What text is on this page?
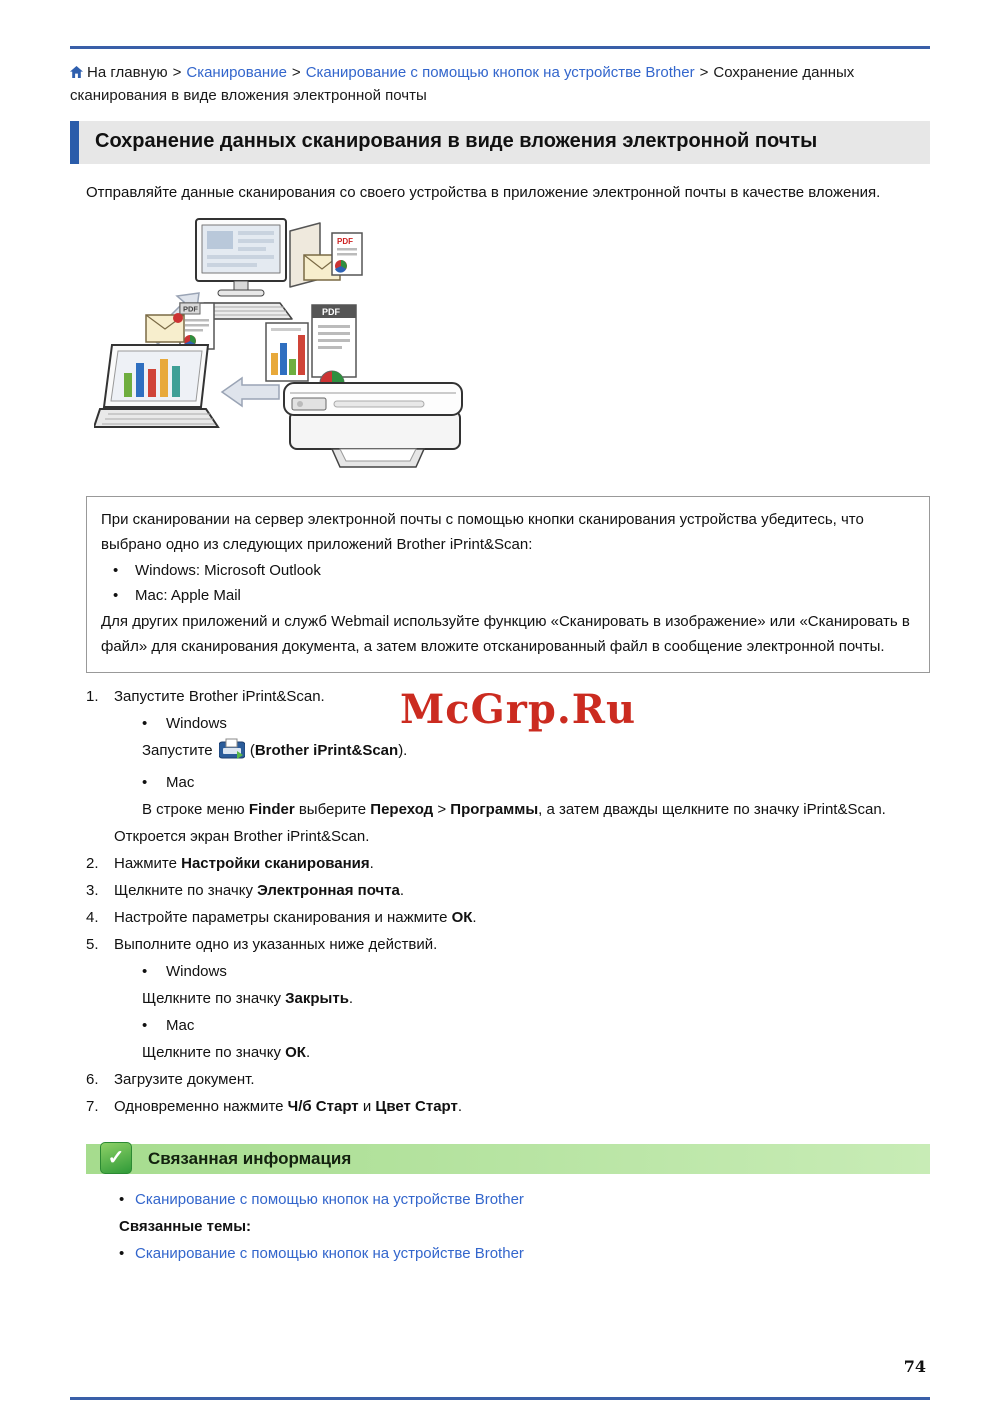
На главную > Сканирование > Сканирование с помощью кнопок на устройстве Brother > Сохранение данных сканирования в виде вложения электронной почты

Сохранение данных сканирования в виде вложения электронной почты

Отправляйте данные сканирования со своего устройства в приложение электронной почты в качестве вложения.

PDF
PDF	PDF

При сканировании на сервер электронной почты с помощью кнопки сканирования устройства убедитесь, что выбрано одно из следующих приложений Brother iPrint&Scan:

•	Windows: Microsoft Outlook
•	Mac: Apple Mail

Для других приложений и служб Webmail используйте функцию «Сканировать в изображение» или «Сканировать в файл» для сканирования документа, а затем вложите отсканированный файл в сообщение электронной почты.

1.	Запустите Brother iPrint&Scan.

•	Windows

Запустите (Brother iPrint&Scan).

•	Mac

В строке меню Finder выберите Переход > Программы, а затем дважды щелкните по значку iPrint&Scan.

Откроется экран Brother iPrint&Scan.

2.	Нажмите Настройки сканирования.

3.	Щелкните по значку Электронная почта.

4.	Настройте параметры сканирования и нажмите ОК.

5.	Выполните одно из указанных ниже действий.

•	Windows

Щелкните по значку Закрыть.

•	Mac

Щелкните по значку ОК.

6.	Загрузите документ.

7.	Одновременно нажмите Ч/б Старт и Цвет Старт.

✓	Связанная информация
• Сканирование с помощью кнопок на устройстве Brother

Связанные темы:

• Сканирование с помощью кнопок на устройстве Brother
McGrp.Ru
74
